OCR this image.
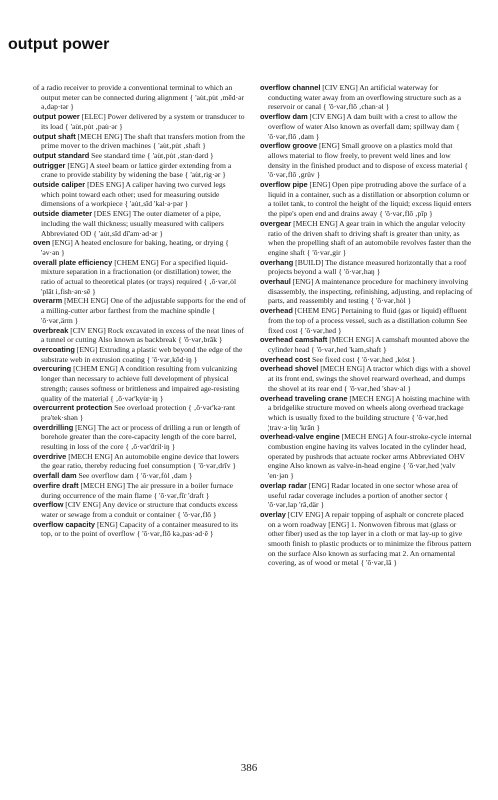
output power

of a radio receiver to provide a conventional terminal to which an output meter can be connected during alignment { 'au̇t‚pu̇t ‚mēd·ər ə‚dap·tər }

output power [ELEC] Power delivered by a system or transducer to its load { 'au̇t‚pu̇t ‚pau̇·ər }

output shaft [MECH ENG] The shaft that transfers motion from the prime mover to the driven machines { 'au̇t‚pu̇t ‚shaft }

output standard See standard time { 'au̇t‚pu̇t ‚stan·dərd }

outrigger [ENG] A steel beam or lattice girder extending from a crane to provide stability by widening the base { 'au̇t‚rig·ər }

outside caliper [DES ENG] A caliper having two curved legs which point toward each other; used for measuring outside dimensions of a workpiece { 'au̇t‚sīd 'kal·ə·pər }

outside diameter [DES ENG] The outer diameter of a pipe, including the wall thickness; usually measured with calipers Abbreviated OD { 'au̇t‚sīd dī'am·əd·ər }

oven [ENG] A heated enclosure for baking, heating, or drying { 'əv·ən }

overall plate efficiency [CHEM ENG] For a specified liquid-mixture separation in a fractionation (or distillation) tower, the ratio of actual to theoretical plates (or trays) required { ‚ō·vər‚ȯl 'plāt i‚fish·ən·sē }

overarm [MECH ENG] One of the adjustable supports for the end of a milling-cutter arbor farthest from the machine spindle { 'ō·vər‚ärm }

overbreak [CIV ENG] Rock excavated in excess of the neat lines of a tunnel or cutting Also known as backbreak { 'ō·vər‚brāk }

overcoating [ENG] Extruding a plastic web beyond the edge of the substrate web in extrusion coating { 'ō·vər‚kōd·iŋ }

overcuring [CHEM ENG] A condition resulting from vulcanizing longer than necessary to achieve full development of physical strength; causes softness or brittleness and impaired age-resisting quality of the material { ‚ō·vər'kyu̇r·iŋ }

overcurrent protection See overload protection { ‚ō·vər'kə·rənt prə'tek·shən }

overdrilling [ENG] The act or process of drilling a run or length of borehole greater than the core-capacity length of the core barrel, resulting in loss of the core { ‚ō·vər'dril·iŋ }

overdrive [MECH ENG] An automobile engine device that lowers the gear ratio, thereby reducing fuel consumption { 'ō·vər‚drīv }

overfall dam See overflow dam { 'ō·vər‚fȯl ‚dam }

overfire draft [MECH ENG] The air pressure in a boiler furnace during occurrence of the main flame { 'ō·vər‚fīr 'draft }

overflow [CIV ENG] Any device or structure that conducts excess water or sewage from a conduit or container { 'ō·vər‚flō }

overflow capacity [ENG] Capacity of a container measured to its top, or to the point of overflow { 'ō·vər‚flō kə‚pas·əd·ē }

overflow channel [CIV ENG] An artificial waterway for conducting water away from an overflowing structure such as a reservoir or canal { 'ō·vər‚flō ‚chan·əl }

overflow dam [CIV ENG] A dam built with a crest to allow the overflow of water Also known as overfall dam; spillway dam { 'ō·vər‚flō ‚dam }

overflow groove [ENG] Small groove on a plastics mold that allows material to flow freely, to prevent weld lines and low density in the finished product and to dispose of excess material { 'ō·vər‚flō ‚grüv }

overflow pipe [ENG] Open pipe protruding above the surface of a liquid in a container, such as a distillation or absorption column or a toilet tank, to control the height of the liquid; excess liquid enters the pipe's open end and drains away { 'ō·vər‚flō ‚pīp }

overgear [MECH ENG] A gear train in which the angular velocity ratio of the driven shaft to driving shaft is greater than unity, as when the propelling shaft of an automobile revolves faster than the engine shaft { 'ō·vər‚gir }

overhang [BUILD] The distance measured horizontally that a roof projects beyond a wall { 'ō·vər‚haŋ }

overhaul [ENG] A maintenance procedure for machinery involving disassembly, the inspecting, refinishing, adjusting, and replacing of parts, and reassembly and testing { 'ō·vər‚hȯl }

overhead [CHEM ENG] Pertaining to fluid (gas or liquid) effluent from the top of a process vessel, such as a distillation column See fixed cost { 'ō·vər‚hed }

overhead camshaft [MECH ENG] A camshaft mounted above the cylinder head { 'ō·vər‚hed 'kam‚shaft }

overhead cost See fixed cost { 'ō·vər‚hed ‚kȯst }

overhead shovel [MECH ENG] A tractor which digs with a shovel at its front end, swings the shovel rearward overhead, and dumps the shovel at its rear end { 'ō·vər‚hed 'shəv·əl }

overhead traveling crane [MECH ENG] A hoisting machine with a bridgelike structure moved on wheels along overhead trackage which is usually fixed to the building structure { 'ō·vər‚hed ¦trav·ə·liŋ 'krān }

overhead-valve engine [MECH ENG] A four-stroke-cycle internal combustion engine having its valves located in the cylinder head, operated by pushrods that actuate rocker arms Abbreviated OHV engine Also known as valve-in-head engine { 'ō·vər‚hed ¦valv 'en·jən }

overlap radar [ENG] Radar located in one sector whose area of useful radar coverage includes a portion of another sector { 'ō·vər‚lap 'rā‚där }

overlay [CIV ENG] A repair topping of asphalt or concrete placed on a worn roadway [ENG] 1. Nonwoven fibrous mat (glass or other fiber) used as the top layer in a cloth or mat lay-up to give smooth finish to plastic products or to minimize the fibrous pattern on the surface Also known as surfacing mat 2. An ornamental covering, as of wood or metal { 'ō·vər‚lā }

386
